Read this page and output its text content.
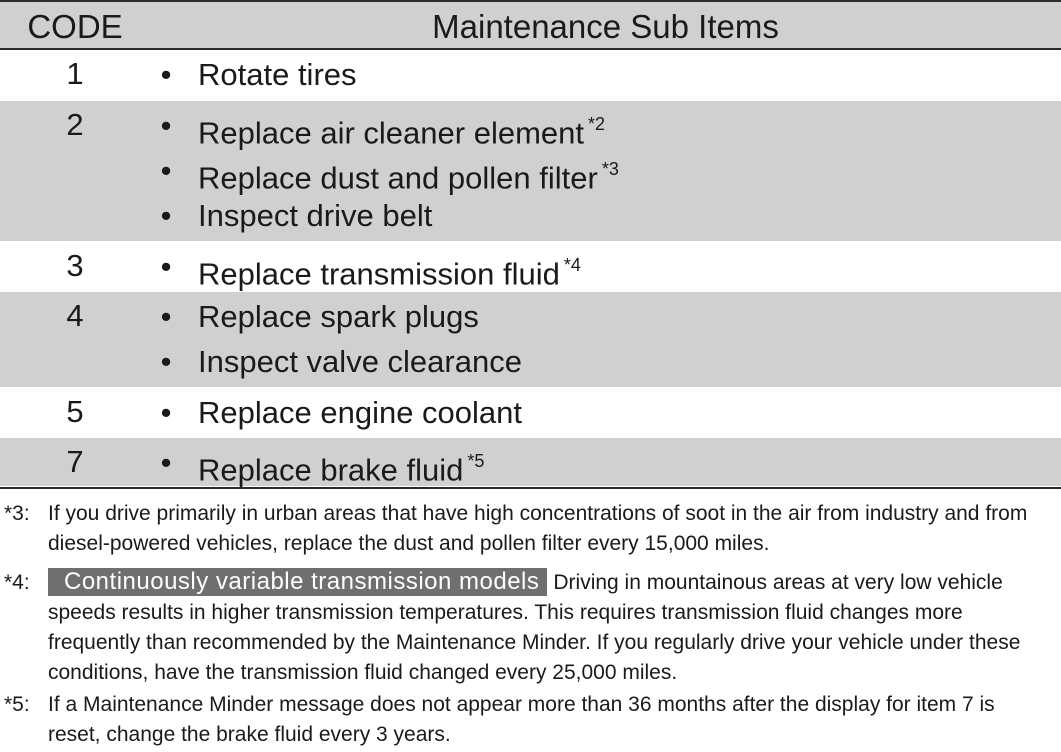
CODE	Maintenance Sub Items
1	• Rotate tires
2	• Replace air cleaner element $^{*2}$
• Replace dust and pollen filter $^{*3}$
• Inspect drive belt
3	• Replace transmission fluid $^{*4}$
4	• Replace spark plugs
• Inspect valve clearance
5	• Replace engine coolant
7	• Replace brake fluid $^{*5}$
*3: If you drive primarily in urban areas that have high concentrations of soot in the air from industry and from diesel-powered vehicles, replace the dust and pollen filter every 15,000 miles.
*4:	Continuously variable transmission models Driving in mountainous areas at very low vehicle speeds results in higher transmission temperatures. This requires transmission fluid changes more frequently than recommended by the Maintenance Minder. If you regularly drive your vehicle under these conditions, have the transmission fluid changed every 25,000 miles.
*5: If a Maintenance Minder message does not appear more than 36 months after the display for item 7 is reset, change the brake fluid every 3 years.
